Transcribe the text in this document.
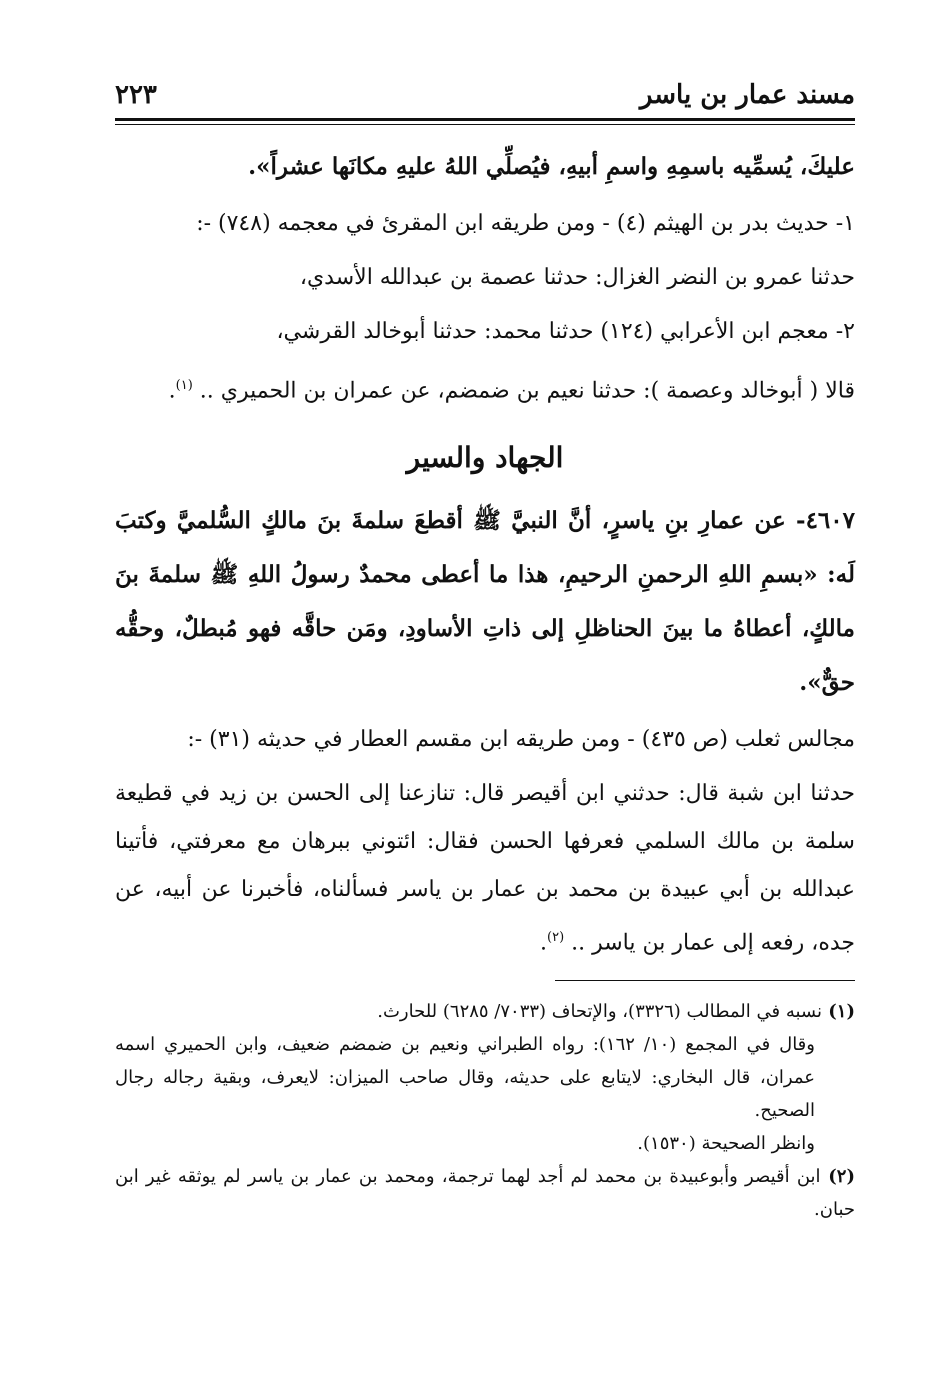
مسند عمار بن ياسر
٢٢٣

عليكَ، يُسمِّيه باسمِهِ واسمِ أبيهِ، فيُصلِّي اللهُ عليهِ مكانَها عشراً».

١- حديث بدر بن الهيثم (٤) - ومن طريقه ابن المقرئ في معجمه (٧٤٨) -:

حدثنا عمرو بن النضر الغزال: حدثنا عصمة بن عبدالله الأسدي،

٢- معجم ابن الأعرابي (١٢٤) حدثنا محمد: حدثنا أبوخالد القرشي،

قالا ( أبوخالد وعصمة ): حدثنا نعيم بن ضمضم، عن عمران بن الحميري .. $^{(١)}$.

الجهاد والسير

٤٦٠٧- عن عمارِ بنِ ياسرٍ، أنَّ النبيَّ ﷺ أقطعَ سلمةَ بنَ مالكٍ السُّلميَّ وكتبَ لَه: «بسمِ اللهِ الرحمنِ الرحيمِ، هذا ما أعطى محمدٌ رسولُ اللهِ ﷺ سلمةَ بنَ مالكٍ، أعطاهُ ما بينَ الحناظلِ إلى ذاتِ الأساودِ، ومَن حاقَّه فهو مُبطلٌ، وحقُّه حقٌّ».

مجالس ثعلب (ص ٤٣٥) - ومن طريقه ابن مقسم العطار في حديثه (٣١) -:

حدثنا ابن شبة قال: حدثني ابن أقيصر قال: تنازعنا إلى الحسن بن زيد في قطيعة سلمة بن مالك السلمي فعرفها الحسن فقال: ائتوني ببرهان مع معرفتي، فأتينا عبدالله بن أبي عبيدة بن محمد بن عمار بن ياسر فسألناه، فأخبرنا عن أبيه، عن جده، رفعه إلى عمار بن ياسر .. $^{(٢)}$.

(١) نسبه في المطالب (٣٣٢٦)، والإتحاف (٧٠٣٣/ ٦٢٨٥) للحارث.

وقال في المجمع (١٠/ ١٦٢): رواه الطبراني ونعيم بن ضمضم ضعيف، وابن الحميري اسمه عمران، قال البخاري: لايتابع على حديثه، وقال صاحب الميزان: لايعرف، وبقية رجاله رجال الصحيح.

وانظر الصحيحة (١٥٣٠).

(٢) ابن أقيصر وأبوعبيدة بن محمد لم أجد لهما ترجمة، ومحمد بن عمار بن ياسر لم يوثقه غير ابن حبان.
